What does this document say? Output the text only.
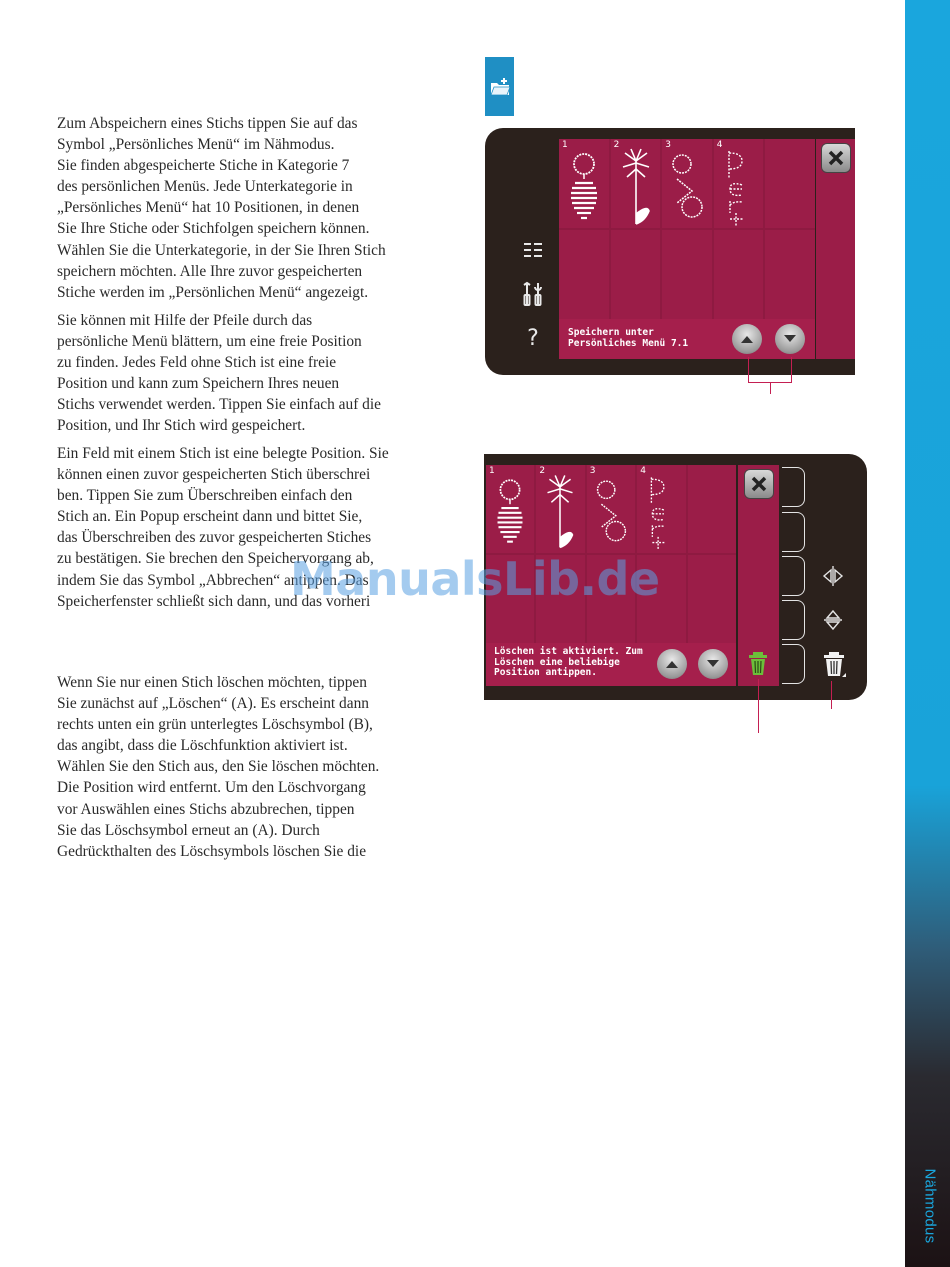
Nähmodus

Zum Abspeichern eines Stichs tippen Sie auf das
Symbol „Persönliches Menü“ im Nähmodus.
Sie finden abgespeicherte Stiche in Kategorie 7
des persönlichen Menüs. Jede Unterkategorie in
„Persönliches Menü“ hat 10 Positionen, in denen
Sie Ihre Stiche oder Stichfolgen speichern können.
Wählen Sie die Unterkategorie, in der Sie Ihren Stich
speichern möchten. Alle Ihre zuvor gespeicherten
Stiche werden im „Persönlichen Menü“ angezeigt.

Sie können mit Hilfe der Pfeile durch das
persönliche Menü blättern, um eine freie Position
zu finden. Jedes Feld ohne Stich ist eine freie
Position und kann zum Speichern Ihres neuen
Stichs verwendet werden. Tippen Sie einfach auf die
Position, und Ihr Stich wird gespeichert.

Ein Feld mit einem Stich ist eine belegte Position. Sie
können einen zuvor gespeicherten Stich überschrei
ben. Tippen Sie zum Überschreiben einfach den
Stich an. Ein Popup erscheint dann und bittet Sie,
das Überschreiben des zuvor gespeicherten Stiches
zu bestätigen. Sie brechen den Speichervorgang ab,
indem Sie das Symbol „Abbrechen“ antippen. Das
Speicherfenster schließt sich dann, und das vorheri

Wenn Sie nur einen Stich löschen möchten, tippen
Sie zunächst auf „Löschen“ (A). Es erscheint dann
rechts unten ein grün unterlegtes Löschsymbol (B),
das angibt, dass die Löschfunktion aktiviert ist.
Wählen Sie den Stich aus, den Sie löschen möchten.
Die Position wird entfernt. Um den Löschvorgang
vor Auswählen eines Stichs abzubrechen, tippen
Sie das Löschsymbol erneut an (A). Durch
Gedrückthalten des Löschsymbols löschen Sie die

?
1	2	3	4
Speichern unter
Persönliches Menü 7.1
1	2	3	4
Löschen ist aktiviert. Zum
Löschen eine beliebige
Position antippen.
ManualsLib.de
